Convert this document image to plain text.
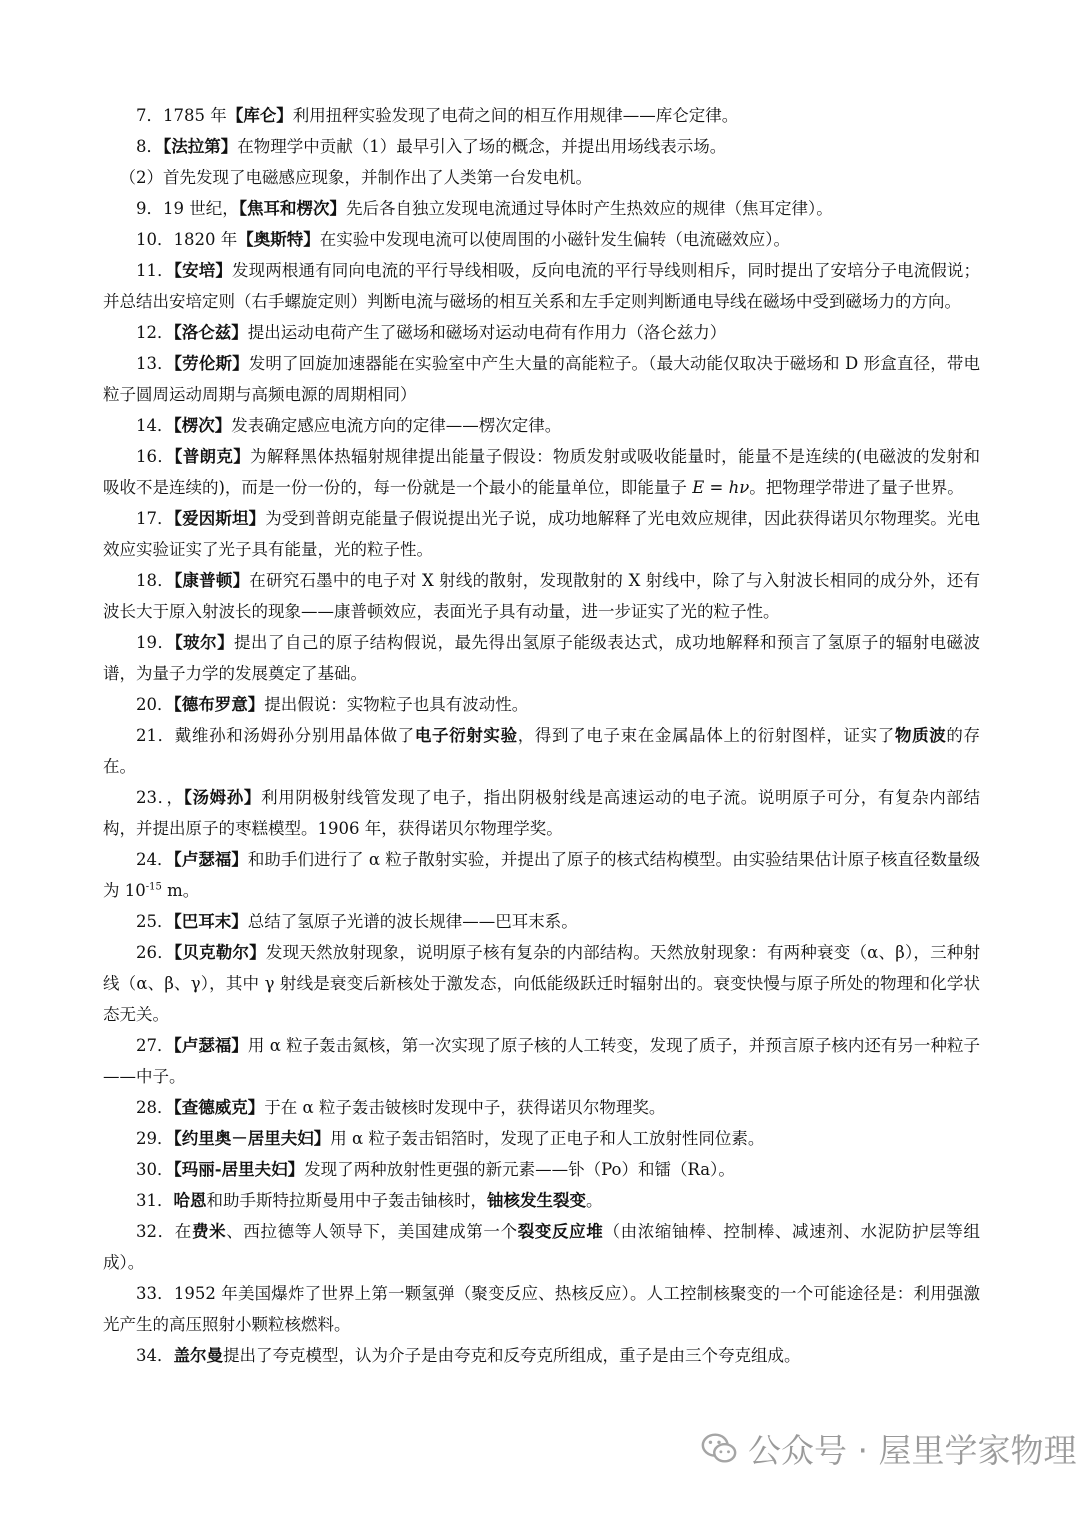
7．1785 年【库仑】利用扭秤实验发现了电荷之间的相互作用规律——库仑定律。

8．【法拉第】在物理学中贡献（1）最早引入了场的概念，并提出用场线表示场。

（2）首先发现了电磁感应现象，并制作出了人类第一台发电机。

9．19 世纪，【焦耳和楞次】先后各自独立发现电流通过导体时产生热效应的规律（焦耳定律）。

10．1820 年【奥斯特】在实验中发现电流可以使周围的小磁针发生偏转（电流磁效应）。

11．【安培】发现两根通有同向电流的平行导线相吸，反向电流的平行导线则相斥，同时提出了安培分子电流假说；并总结出安培定则（右手螺旋定则）判断电流与磁场的相互关系和左手定则判断通电导线在磁场中受到磁场力的方向。

12．【洛仑兹】提出运动电荷产生了磁场和磁场对运动电荷有作用力（洛仑兹力）

13．【劳伦斯】发明了回旋加速器能在实验室中产生大量的高能粒子。（最大动能仅取决于磁场和 D 形盒直径，带电粒子圆周运动周期与高频电源的周期相同）

14．【楞次】发表确定感应电流方向的定律——楞次定律。

16．【普朗克】为解释黑体热辐射规律提出能量子假设：物质发射或吸收能量时，能量不是连续的(电磁波的发射和吸收不是连续的)，而是一份一份的，每一份就是一个最小的能量单位，即能量子 E = hν。把物理学带进了量子世界。

17．【爱因斯坦】为受到普朗克能量子假说提出光子说，成功地解释了光电效应规律，因此获得诺贝尔物理奖。光电效应实验证实了光子具有能量，光的粒子性。

18．【康普顿】在研究石墨中的电子对 X 射线的散射，发现散射的 X 射线中，除了与入射波长相同的成分外，还有波长大于原入射波长的现象——康普顿效应，表面光子具有动量，进一步证实了光的粒子性。

19．【玻尔】提出了自己的原子结构假说，最先得出氢原子能级表达式，成功地解释和预言了氢原子的辐射电磁波谱，为量子力学的发展奠定了基础。

20．【德布罗意】提出假说：实物粒子也具有波动性。

21．戴维孙和汤姆孙分别用晶体做了电子衍射实验，得到了电子束在金属晶体上的衍射图样，证实了物质波的存在。

23．，【汤姆孙】利用阴极射线管发现了电子，指出阴极射线是高速运动的电子流。说明原子可分，有复杂内部结构，并提出原子的枣糕模型。1906 年，获得诺贝尔物理学奖。

24．【卢瑟福】和助手们进行了 α 粒子散射实验，并提出了原子的核式结构模型。由实验结果估计原子核直径数量级为 $10^{-15}$ m。

25．【巴耳末】总结了氢原子光谱的波长规律——巴耳末系。

26．【贝克勒尔】发现天然放射现象，说明原子核有复杂的内部结构。天然放射现象：有两种衰变（α、β），三种射线（α、β、γ），其中 γ 射线是衰变后新核处于激发态，向低能级跃迁时辐射出的。衰变快慢与原子所处的物理和化学状态无关。

27．【卢瑟福】用 α 粒子轰击氮核，第一次实现了原子核的人工转变，发现了质子，并预言原子核内还有另一种粒子——中子。

28．【查德威克】于在 α 粒子轰击铍核时发现中子，获得诺贝尔物理奖。

29．【约里奥－居里夫妇】用 α 粒子轰击铝箔时，发现了正电子和人工放射性同位素。

30．【玛丽-居里夫妇】发现了两种放射性更强的新元素——钋（Po）和镭（Ra）。

31．哈恩和助手斯特拉斯曼用中子轰击铀核时，铀核发生裂变。

32．在费米、西拉德等人领导下，美国建成第一个裂变反应堆（由浓缩铀棒、控制棒、减速剂、水泥防护层等组成）。

33．1952 年美国爆炸了世界上第一颗氢弹（聚变反应、热核反应）。人工控制核聚变的一个可能途径是：利用强激光产生的高压照射小颗粒核燃料。

34．盖尔曼提出了夸克模型，认为介子是由夸克和反夸克所组成，重子是由三个夸克组成。

公众号 · 屋里学家物理
